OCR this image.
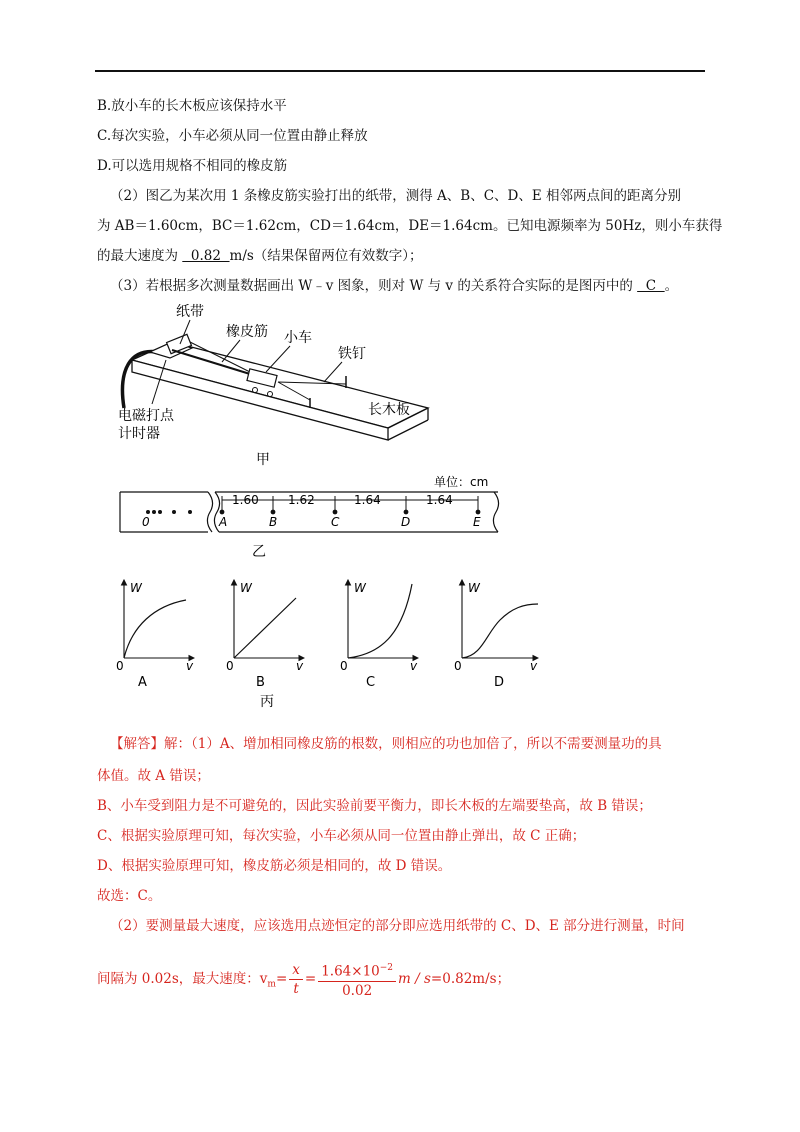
B.放小车的长木板应该保持水平
C.每次实验，小车必须从同一位置由静止释放
D.可以选用规格不相同的橡皮筋
（2）图乙为某次用 1 条橡皮筋实验打出的纸带，测得 A、B、C、D、E 相邻两点间的距离分别
为 AB＝1.60cm，BC＝1.62cm，CD＝1.64cm，DE＝1.64cm。已知电源频率为 50Hz，则小车获得
的最大速度为   0.82  m/s（结果保留两位有效数字）；
（3）若根据多次测量数据画出 W﹣v 图象，则对 W 与 v 的关系符合实际的是图丙中的   C  。
纸带
橡皮筋 小车
铁钉
长木板
电磁打点
计时器
甲
单位：cm
1.60 1.62	1.64	1.64
0	A	B	C	D	E
乙
W
v
0
A
W
v
0
B
丙
W
v
0
C
W
v
0
D
【解答】解：（1）A、增加相同橡皮筋的根数，则相应的功也加倍了，所以不需要测量功的具
体值。故 A 错误；
B、小车受到阻力是不可避免的，因此实验前要平衡力，即长木板的左端要垫高，故 B 错误；
C、根据实验原理可知，每次实验，小车必须从同一位置由静止弹出，故 C 正确；
D、根据实验原理可知，橡皮筋必须是相同的，故 D 错误。
故选：C。
（2）要测量最大速度，应该选用点迹恒定的部分即应选用纸带的 C、D、E 部分进行测量，时间
间隔为 0.02s，最大速度：$v_m= \frac{x}{t} = \frac{1.64\times 10^{-2}}{0.02}$ m / s=0.82m/s；
